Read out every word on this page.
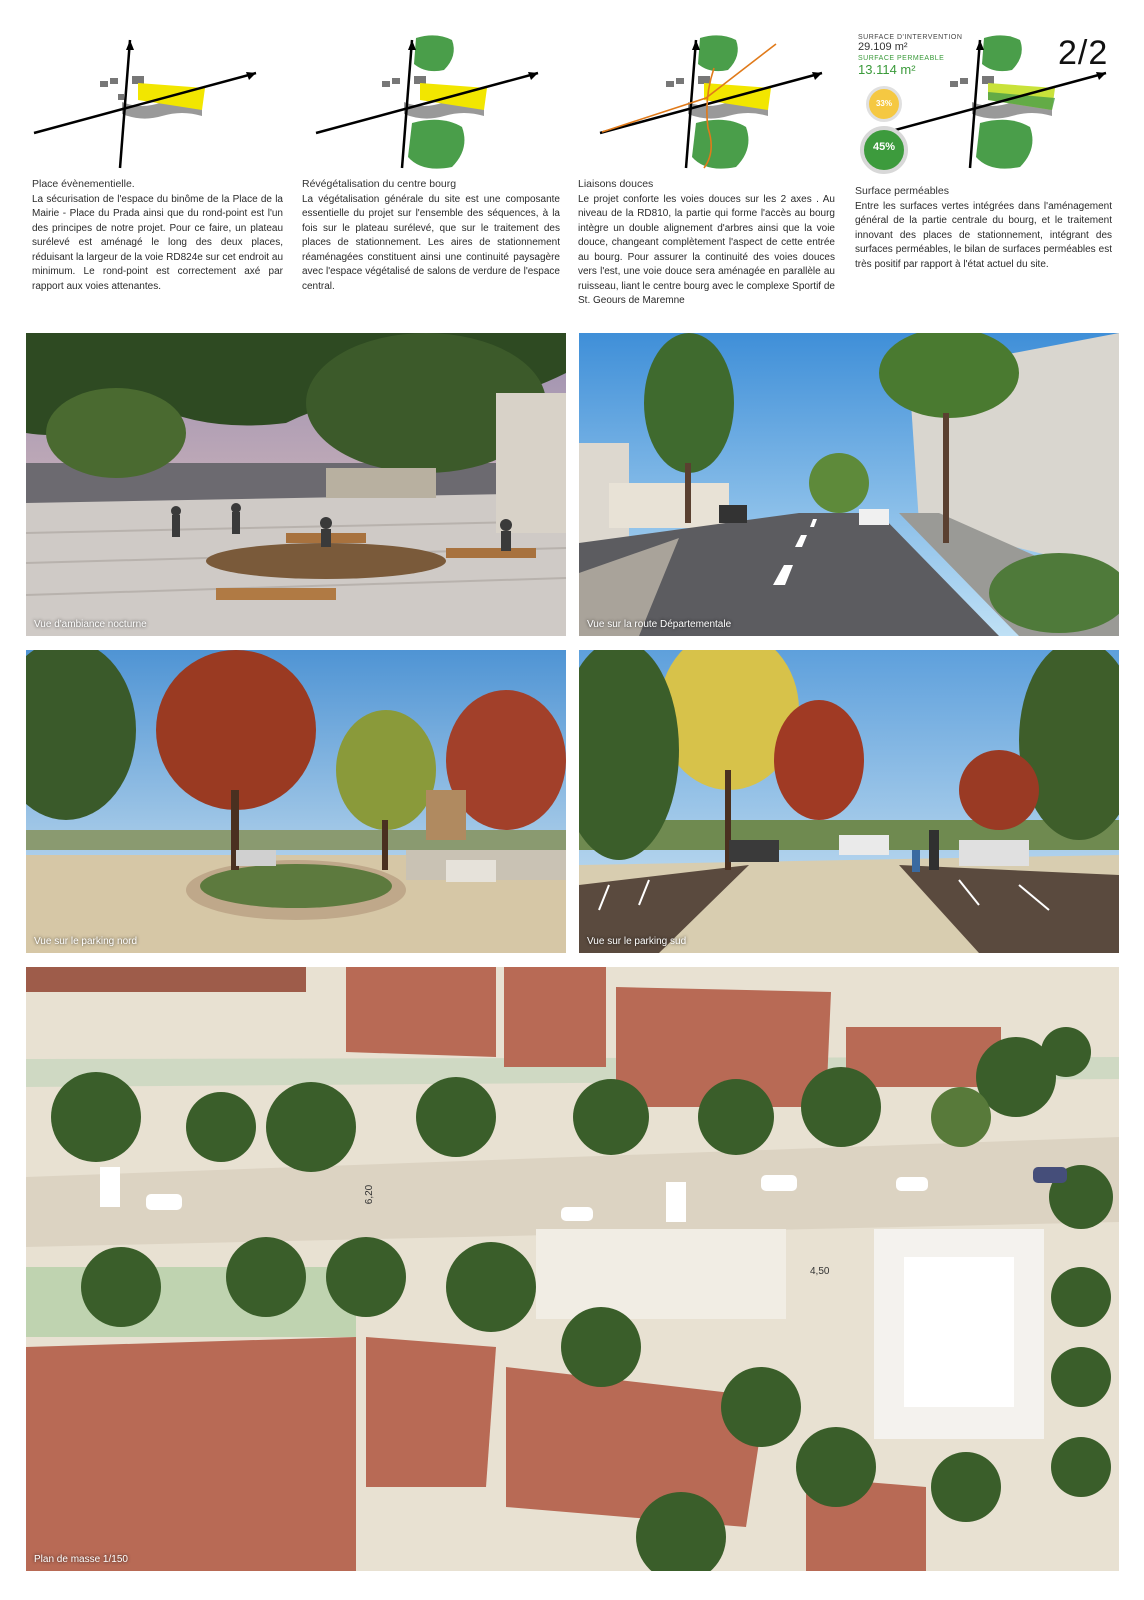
SURFACE D'INTERVENTION
29.109 m²
SURFACE PERMEABLE
13.114 m²
33%
45%
2/2
Place évènementielle.
La sécurisation de l'espace du binôme de la Place de la Mairie - Place du Prada ainsi que du rond-point est l'un des principes de notre projet. Pour ce faire, un plateau surélevé est aménagé le long des deux places, réduisant la largeur de la voie RD824e sur cet endroit au minimum. Le rond-point est correctement axé par rapport aux voies attenantes.
Révégétalisation du centre bourg
La végétalisation générale du site est une composante essentielle du projet sur l'ensemble des séquences, à la fois sur le plateau surélevé, que sur le traitement des places de stationnement. Les aires de stationnement réaménagées constituent ainsi une continuité paysagère avec l'espace végétalisé de salons de verdure de l'espace central.
Liaisons douces
Le projet conforte les voies douces sur les 2 axes . Au niveau de la RD810, la partie qui forme l'accès au bourg intègre un double alignement d'arbres ainsi que la voie douce, changeant complètement l'aspect de cette entrée au bourg. Pour assurer la continuité des voies douces vers l'est, une voie douce sera aménagée en parallèle au ruisseau, liant le centre bourg avec le complexe Sportif de St. Geours de Maremne
Surface perméables
Entre les surfaces vertes intégrées dans l'aménagement général de la partie centrale du bourg, et le traitement innovant des places de stationnement, intégrant des surfaces perméables, le bilan de surfaces perméables est très positif par rapport à l'état actuel du site.
Vue d'ambiance nocturne	Vue sur la route Départementale
Vue sur le parking nord	Vue sur le parking sud
6,20
4,50
Plan de masse 1/150
